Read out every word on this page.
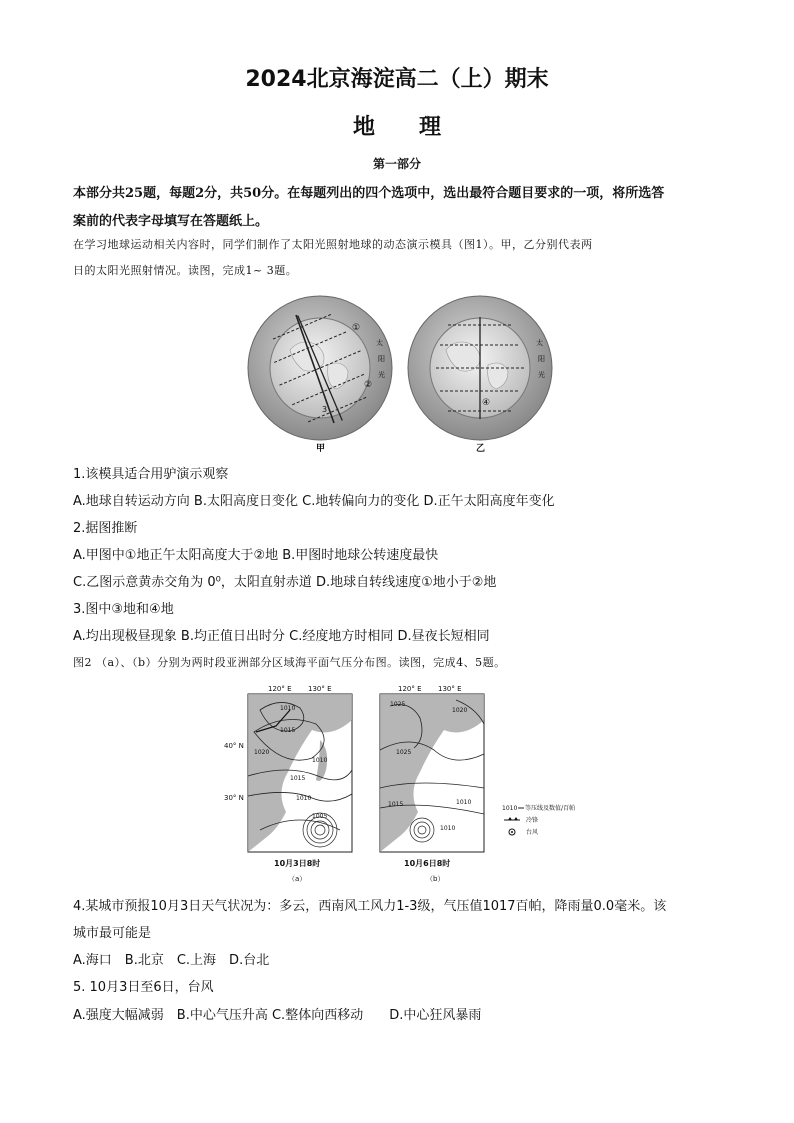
2024北京海淀高二（上）期末
地　　理
第一部分
本部分共25题，每题2分，共50分。在每题列出的四个选项中，选出最符合题目要求的一项，将所选答
案前的代表字母填写在答题纸上。
在学习地球运动相关内容时，同学们制作了太阳光照射地球的动态演示模具（图1）。甲，乙分别代表两
日的太阳光照射情况。读图，完成1~ 3题。
①
②
3
太
阳
光
甲
④
太
阳
光
乙
1.该模具适合用驴演示观察
A.地球自转运动方向 B.太阳高度日变化 C.地转偏向力的变化 D.正午太阳高度年变化
2.据图推断
A.甲图中①地正午太阳高度大于②地 B.甲图时地球公转速度最快
C.乙图示意黄赤交角为 0⁰，太阳直射赤道 D.地球自转线速度①地小于②地
3.图中③地和④地
A.均出现极昼现象 B.均正值日出时分 C.经度地方时相同 D.昼夜长短相同
图2 （a）、（b）分别为两时段亚洲部分区域海平面气压分布图。读图，完成4、5题。
120° E 130° E
40° N
30° N
1010
1015
1020
1010
1015
1010
1005
10月3日8时
（a）
120° E 130° E
1025
1020
1025
1015	1010
1010
10月6日8时
（b）
1010 等压线及数值/百帕
冷锋
台风
4.某城市预报10月3日天气状况为：多云，西南风工风力1-3级，气压值1017百帕，降雨量0.0毫米。该
城市最可能是
A.海口　B.北京　C.上海　D.台北
5. 10月3日至6日，台风
A.强度大幅减弱　B.中心气压升高 C.整体向西移动　　D.中心狂风暴雨
